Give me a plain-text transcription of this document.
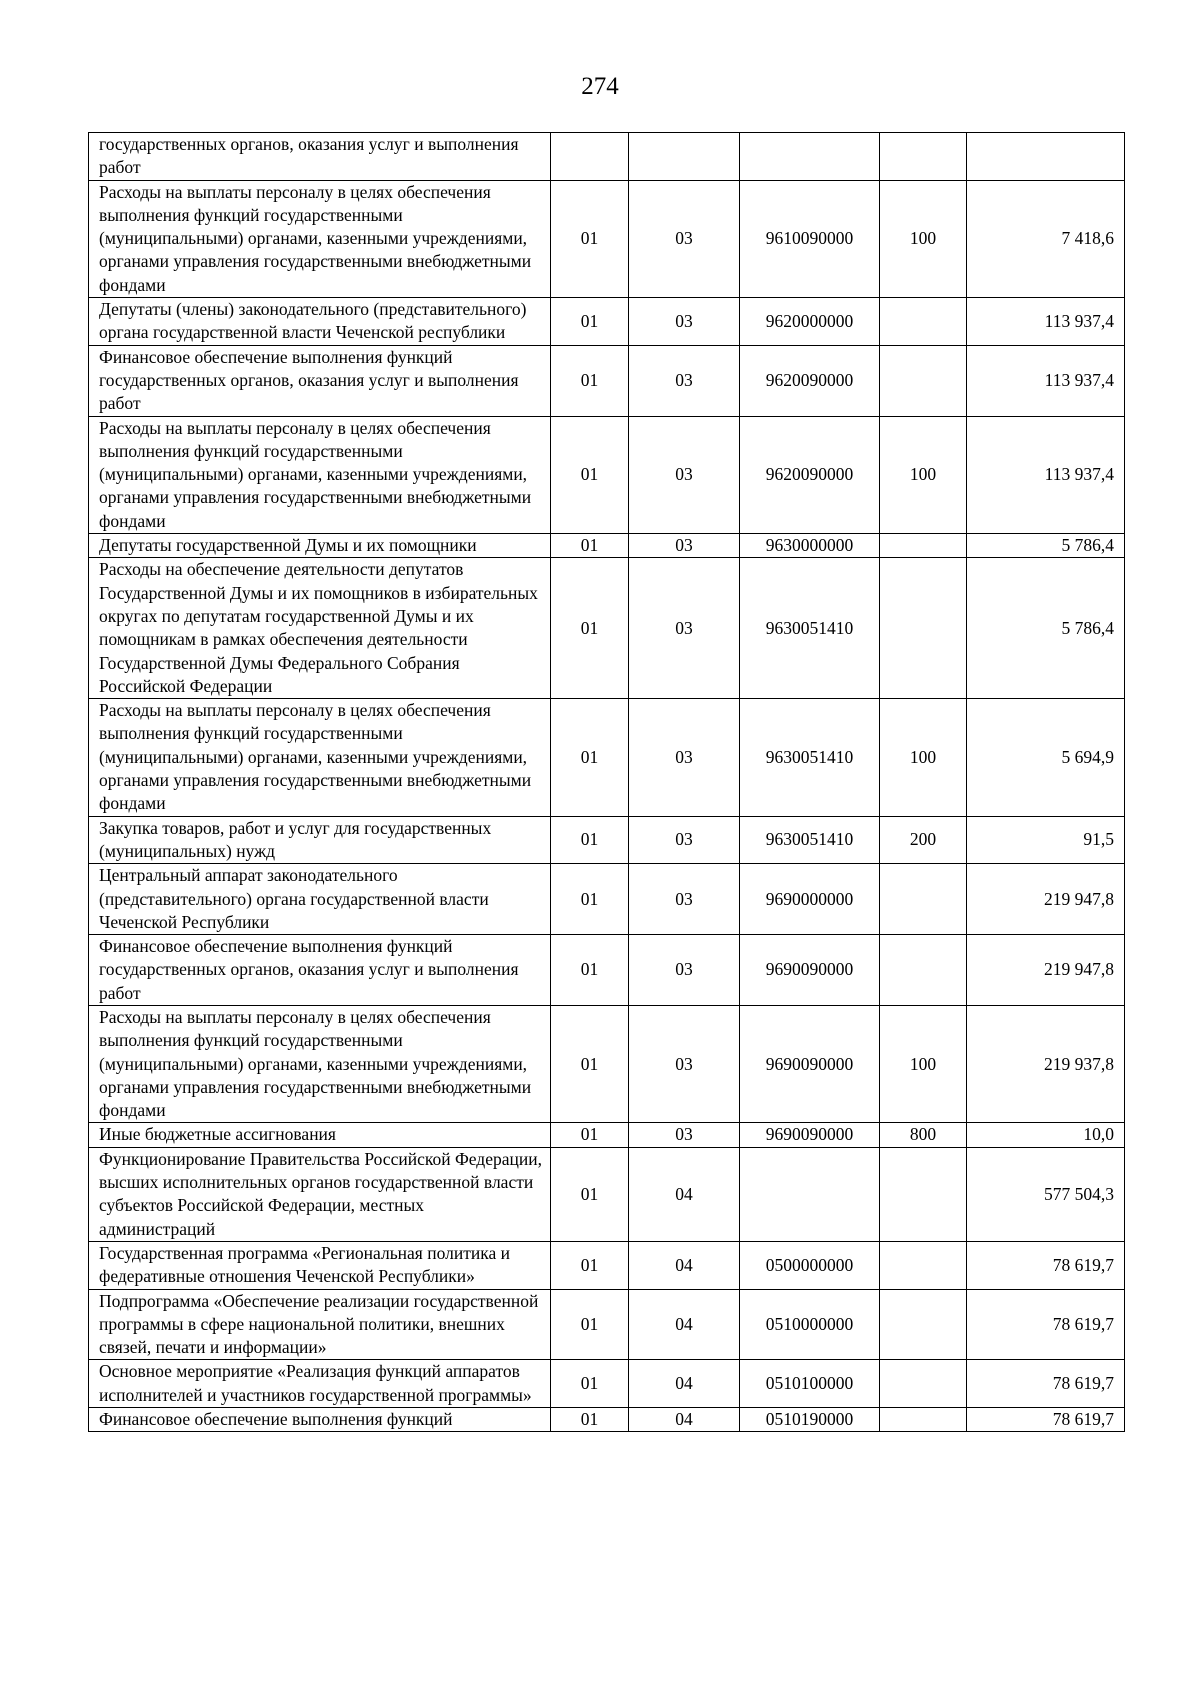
274
государственных органов, оказания услуг и выполнения работ					
Расходы на выплаты персоналу в целях обеспечения выполнения функций государственными (муниципальными) органами, казенными учреждениями, органами управления государственными внебюджетными фондами	01	03	9610090000	100	7 418,6
Депутаты (члены) законодательного (представительного) органа государственной власти Чеченской республики	01	03	9620000000		113 937,4
Финансовое обеспечение выполнения функций государственных органов, оказания услуг и выполнения работ	01	03	9620090000		113 937,4
Расходы на выплаты персоналу в целях обеспечения выполнения функций государственными (муниципальными) органами, казенными учреждениями, органами управления государственными внебюджетными фондами	01	03	9620090000	100	113 937,4
Депутаты государственной Думы и их помощники	01	03	9630000000		5 786,4
Расходы на обеспечение деятельности депутатов Государственной Думы и их помощников в избирательных округах по депутатам государственной Думы и их помощникам в рамках обеспечения деятельности Государственной Думы Федерального Собрания Российской Федерации	01	03	9630051410		5 786,4
Расходы на выплаты персоналу в целях обеспечения выполнения функций государственными (муниципальными) органами, казенными учреждениями, органами управления государственными внебюджетными фондами	01	03	9630051410	100	5 694,9
Закупка товаров, работ и услуг для государственных (муниципальных) нужд	01	03	9630051410	200	91,5
Центральный аппарат законодательного (представительного) органа государственной власти Чеченской Республики	01	03	9690000000		219 947,8
Финансовое обеспечение выполнения функций государственных органов, оказания услуг и выполнения работ	01	03	9690090000		219 947,8
Расходы на выплаты персоналу в целях обеспечения выполнения функций государственными (муниципальными) органами, казенными учреждениями, органами управления государственными внебюджетными фондами	01	03	9690090000	100	219 937,8
Иные бюджетные ассигнования	01	03	9690090000	800	10,0
Функционирование Правительства Российской Федерации, высших исполнительных органов государственной власти субъектов Российской Федерации, местных администраций	01	04			577 504,3
Государственная программа «Региональная политика и федеративные отношения Чеченской Республики»	01	04	0500000000		78 619,7
Подпрограмма «Обеспечение реализации государственной программы в сфере национальной политики, внешних связей, печати и информации»	01	04	0510000000		78 619,7
Основное мероприятие «Реализация функций аппаратов исполнителей и участников государственной программы»	01	04	0510100000		78 619,7
Финансовое обеспечение выполнения функций	01	04	0510190000		78 619,7
